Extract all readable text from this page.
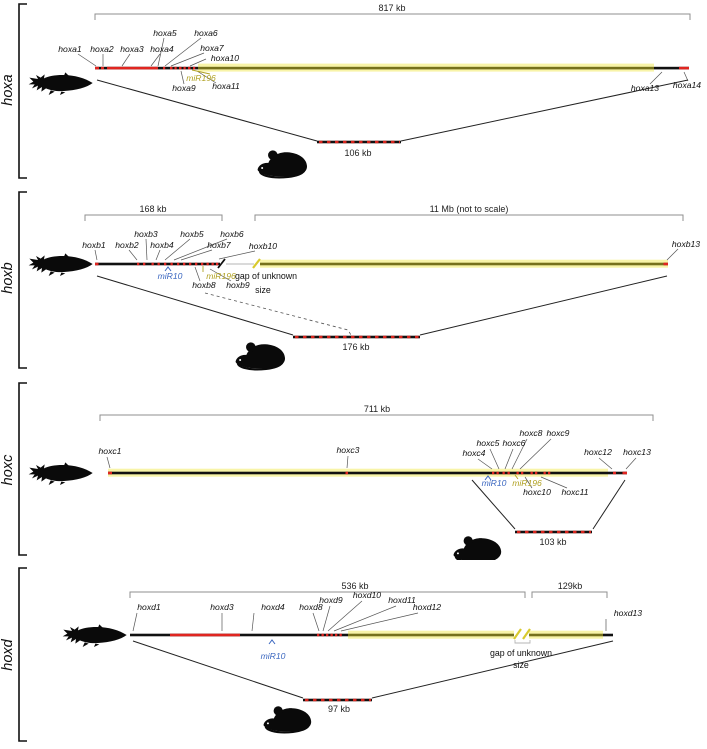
hoxa
817 kb
hoxa1 hoxa2 hoxa3 hoxa4
hoxa5 hoxa6
hoxa7
hoxa10
miR196
hoxa9 hoxa11	hoxa13 hoxa14
106 kb
hoxb
168 kb	11 Mb (not to scale)
hoxb1 hoxb2
hoxb3
hoxb4
hoxb5 hoxb6
hoxb7 hoxb10
miR10
hoxb8 hoxb9
miR196 gap of unknown
size
hoxb13
176 kb
hoxc
711 kb
hoxc1	hoxc3	hoxc4
hoxc5 hoxc6
hoxc8 hoxc9
miR10 miR196
hoxc10 hoxc11
hoxc12 hoxc13
103 kb
hoxd
536 kb	129kb
hoxd1	hoxd3	hoxd4 hoxd8
hoxd9 hoxd10 hoxd11
hoxd12
hoxd13
miR10	gap of unknown
size
97 kb
